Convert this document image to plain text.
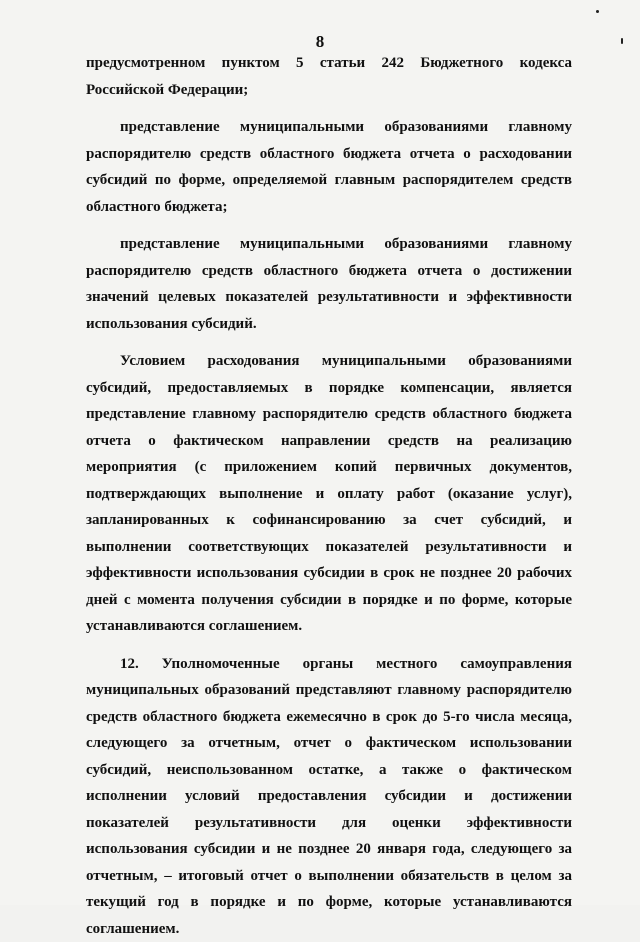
8

предусмотренном пунктом 5 статьи 242 Бюджетного кодекса Российской Федерации;

представление муниципальными образованиями главному распорядителю средств областного бюджета отчета о расходовании субсидий по форме, определяемой главным распорядителем средств областного бюджета;

представление муниципальными образованиями главному распорядителю средств областного бюджета отчета о достижении значений целевых показателей результативности и эффективности использования субсидий.

Условием расходования муниципальными образованиями субсидий, предоставляемых в порядке компенсации, является представление главному распорядителю средств областного бюджета отчета о фактическом направлении средств на реализацию мероприятия (с приложением копий первичных документов, подтверждающих выполнение и оплату работ (оказание услуг), запланированных к софинансированию за счет субсидий, и выполнении соответствующих показателей результативности и эффективности использования субсидии в срок не позднее 20 рабочих дней с момента получения субсидии в порядке и по форме, которые устанавливаются соглашением.

12. Уполномоченные органы местного самоуправления муниципальных образований представляют главному распорядителю средств областного бюджета ежемесячно в срок до 5-го числа месяца, следующего за отчетным, отчет о фактическом использовании субсидий, неиспользованном остатке, а также о фактическом исполнении условий предоставления субсидии и достижении показателей результативности для оценки эффективности использования субсидии и не позднее 20 января года, следующего за отчетным, – итоговый отчет о выполнении обязательств в целом за текущий год в порядке и по форме, которые устанавливаются соглашением.
